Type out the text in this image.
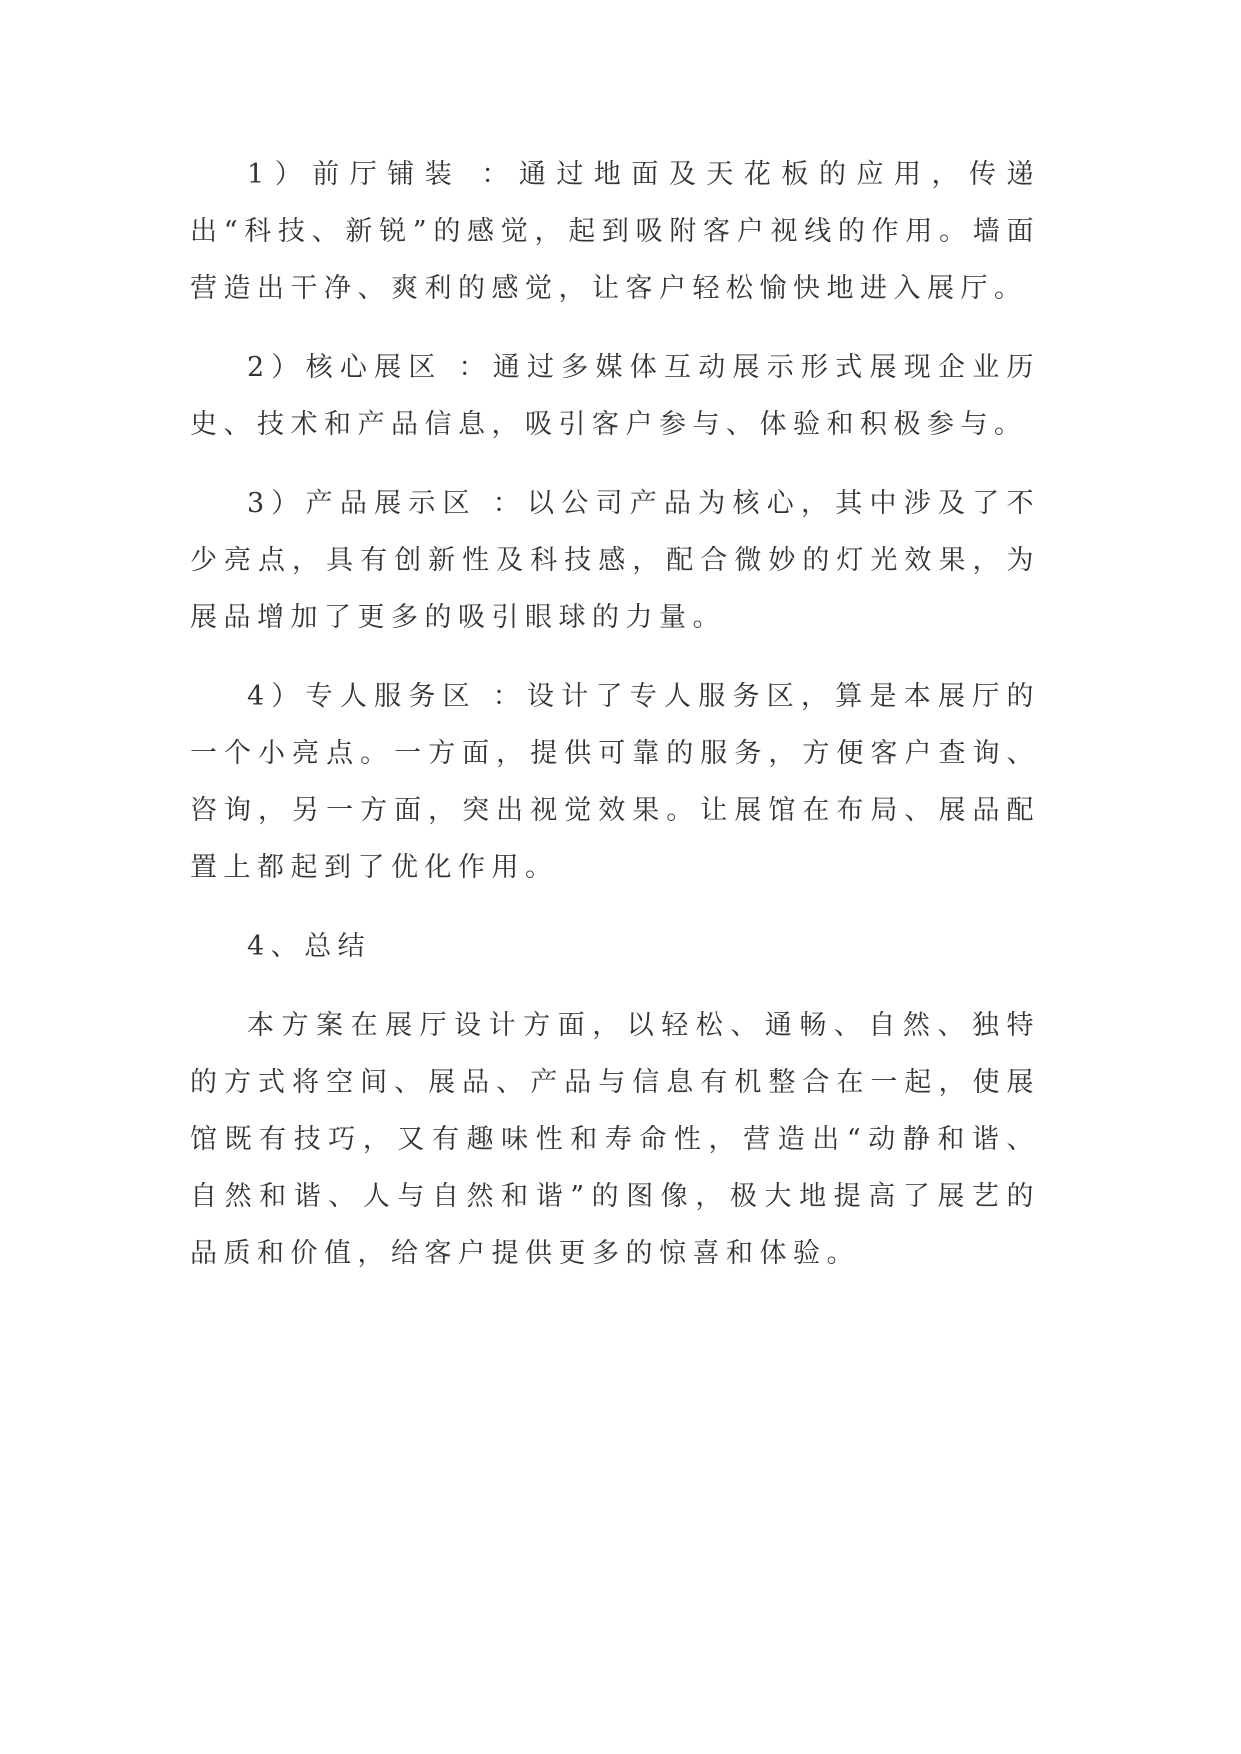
1）前厅铺装 ：通过地面及天花板的应用，传递出“科技、新锐”的感觉，起到吸附客户视线的作用。墙面营造出干净、爽利的感觉，让客户轻松愉快地进入展厅。

2）核心展区 ：通过多媒体互动展示形式展现企业历史、技术和产品信息，吸引客户参与、体验和积极参与。

3）产品展示区 ：以公司产品为核心，其中涉及了不少亮点，具有创新性及科技感，配合微妙的灯光效果，为展品增加了更多的吸引眼球的力量。

4）专人服务区 ：设计了专人服务区，算是本展厅的一个小亮点。一方面，提供可靠的服务，方便客户查询、咨询，另一方面，突出视觉效果。让展馆在布局、展品配置上都起到了优化作用。

4、总结

本方案在展厅设计方面，以轻松、通畅、自然、独特的方式将空间、展品、产品与信息有机整合在一起，使展馆既有技巧，又有趣味性和寿命性，营造出“动静和谐、自然和谐、人与自然和谐”的图像，极大地提高了展艺的品质和价值，给客户提供更多的惊喜和体验。
